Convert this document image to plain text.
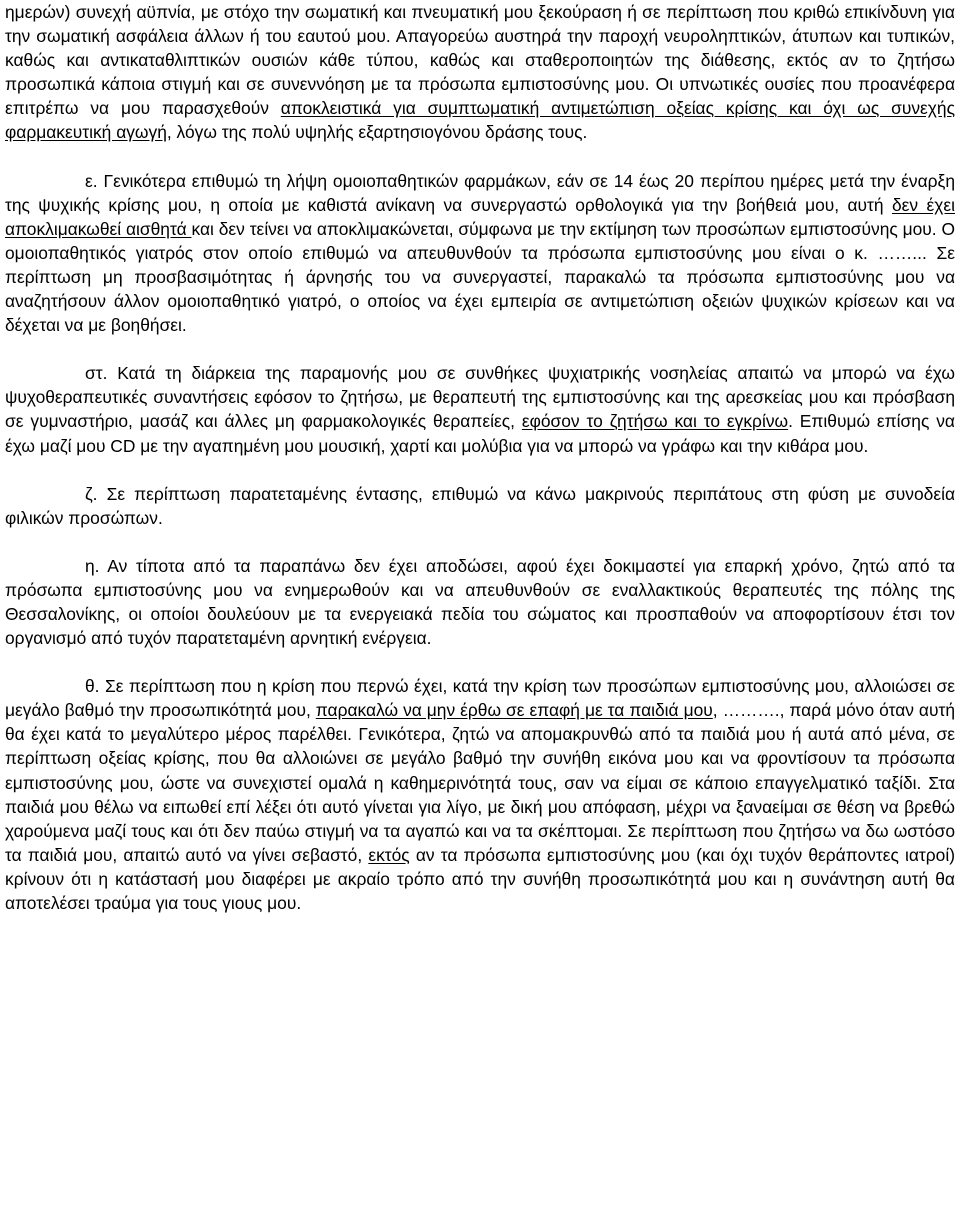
ημερών) συνεχή αϋπνία, με στόχο την σωματική και πνευματική μου ξεκούραση ή σε περίπτωση που κριθώ επικίνδυνη για την σωματική ασφάλεια άλλων ή του εαυτού μου. Απαγορεύω αυστηρά την παροχή νευροληπτικών, άτυπων και τυπικών, καθώς και αντικαταθλιπτικών ουσιών κάθε τύπου, καθώς και σταθεροποιητών της διάθεσης, εκτός αν το ζητήσω προσωπικά κάποια στιγμή και σε συνεννόηση με τα πρόσωπα εμπιστοσύνης μου. Οι υπνωτικές ουσίες που προανέφερα επιτρέπω να μου παρασχεθούν αποκλειστικά για συμπτωματική αντιμετώπιση οξείας κρίσης και όχι ως συνεχής φαρμακευτική αγωγή, λόγω της πολύ υψηλής εξαρτησιογόνου δράσης τους.

ε. Γενικότερα επιθυμώ τη λήψη ομοιοπαθητικών φαρμάκων, εάν σε 14 έως 20 περίπου ημέρες μετά την έναρξη της ψυχικής κρίσης μου, η οποία με καθιστά ανίκανη να συνεργαστώ ορθολογικά για την βοήθειά μου, αυτή δεν έχει αποκλιμακωθεί αισθητά και δεν τείνει να αποκλιμακώνεται, σύμφωνα με την εκτίμηση των προσώπων εμπιστοσύνης μου. Ο ομοιοπαθητικός γιατρός στον οποίο επιθυμώ να απευθυνθούν τα πρόσωπα εμπιστοσύνης μου είναι ο κ. ……... Σε περίπτωση μη προσβασιμότητας ή άρνησής του να συνεργαστεί, παρακαλώ τα πρόσωπα εμπιστοσύνης μου να αναζητήσουν άλλον ομοιοπαθητικό γιατρό, ο οποίος να έχει εμπειρία σε αντιμετώπιση οξειών ψυχικών κρίσεων και να δέχεται να με βοηθήσει.

στ. Κατά τη διάρκεια της παραμονής μου σε συνθήκες ψυχιατρικής νοσηλείας απαιτώ να μπορώ να έχω ψυχοθεραπευτικές συναντήσεις εφόσον το ζητήσω, με θεραπευτή της εμπιστοσύνης και της αρεσκείας μου και πρόσβαση σε γυμναστήριο, μασάζ και άλλες μη φαρμακολογικές θεραπείες, εφόσον το ζητήσω και το εγκρίνω. Επιθυμώ επίσης να έχω μαζί μου CD με την αγαπημένη μου μουσική, χαρτί και μολύβια για να μπορώ να γράφω και την κιθάρα μου.

ζ. Σε περίπτωση παρατεταμένης έντασης, επιθυμώ να κάνω μακρινούς περιπάτους στη φύση με συνοδεία φιλικών προσώπων.

η. Αν τίποτα από τα παραπάνω δεν έχει αποδώσει, αφού έχει δοκιμαστεί για επαρκή χρόνο, ζητώ από τα πρόσωπα εμπιστοσύνης μου να ενημερωθούν και να απευθυνθούν σε εναλλακτικούς θεραπευτές της πόλης της Θεσσαλονίκης, οι οποίοι δουλεύουν με τα ενεργειακά πεδία του σώματος και προσπαθούν να αποφορτίσουν έτσι τον οργανισμό από τυχόν παρατεταμένη αρνητική ενέργεια.

θ. Σε περίπτωση που η κρίση που περνώ έχει, κατά την κρίση των προσώπων εμπιστοσύνης μου, αλλοιώσει σε μεγάλο βαθμό την προσωπικότητά μου, παρακαλώ να μην έρθω σε επαφή με τα παιδιά μου, ………., παρά μόνο όταν αυτή θα έχει κατά το μεγαλύτερο μέρος παρέλθει. Γενικότερα, ζητώ να απομακρυνθώ από τα παιδιά μου ή αυτά από μένα, σε περίπτωση οξείας κρίσης, που θα αλλοιώνει σε μεγάλο βαθμό την συνήθη εικόνα μου και να φροντίσουν τα πρόσωπα εμπιστοσύνης μου, ώστε να συνεχιστεί ομαλά η καθημερινότητά τους, σαν να είμαι σε κάποιο επαγγελματικό ταξίδι. Στα παιδιά μου θέλω να ειπωθεί επί λέξει ότι αυτό γίνεται για λίγο, με δική μου απόφαση, μέχρι να ξαναείμαι σε θέση να βρεθώ χαρούμενα μαζί τους και ότι δεν παύω στιγμή να τα αγαπώ και να τα σκέπτομαι. Σε περίπτωση που ζητήσω να δω ωστόσο τα παιδιά μου, απαιτώ αυτό να γίνει σεβαστό, εκτός αν τα πρόσωπα εμπιστοσύνης μου (και όχι τυχόν θεράποντες ιατροί) κρίνουν ότι η κατάστασή μου διαφέρει με ακραίο τρόπο από την συνήθη προσωπικότητά μου και η συνάντηση αυτή θα αποτελέσει τραύμα για τους γιους μου.
